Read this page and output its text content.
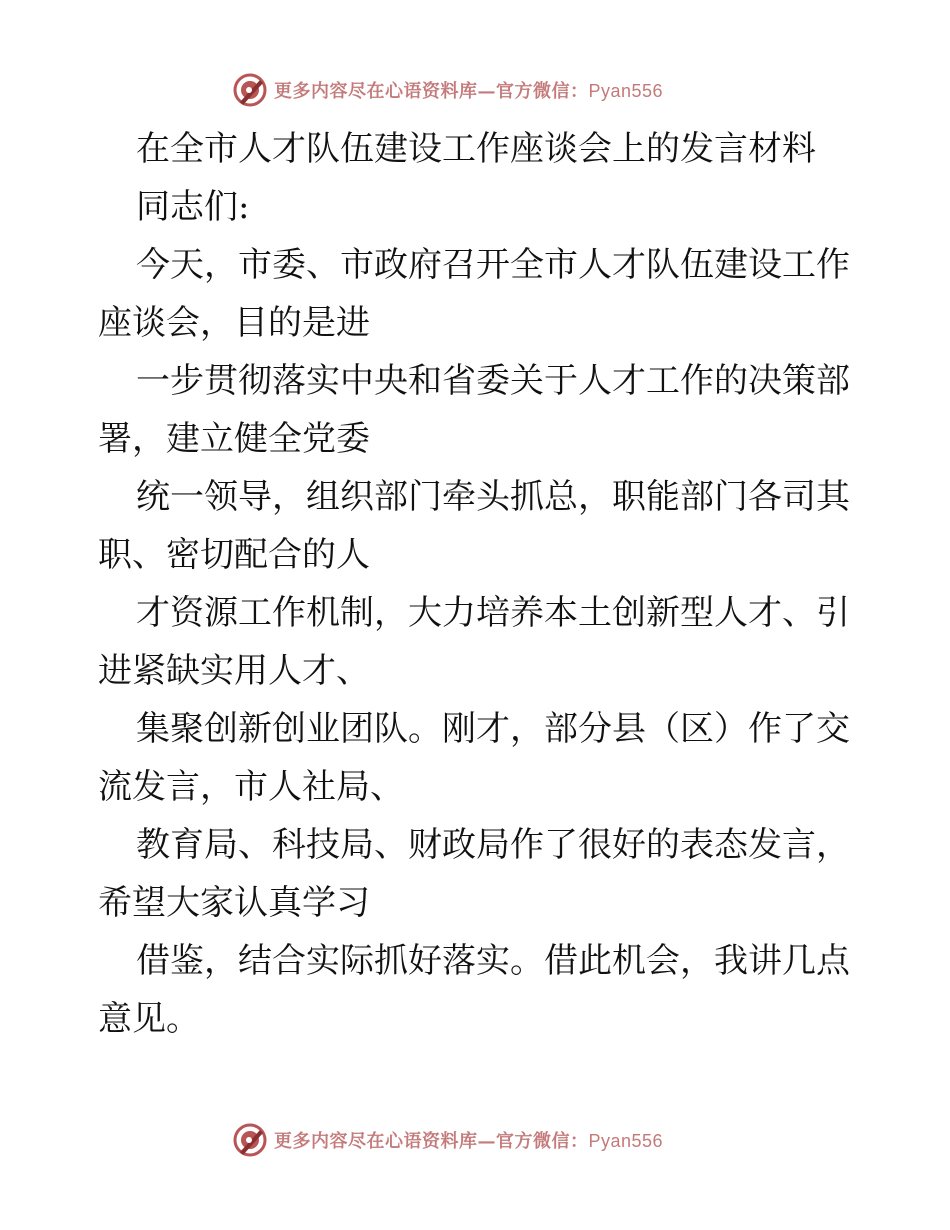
更多内容尽在心语资料库—官方微信：Pyan556

在全市人才队伍建设工作座谈会上的发言材料

同志们:

今天，市委、市政府召开全市人才队伍建设工作

座谈会，目的是进

一步贯彻落实中央和省委关于人才工作的决策部

署，建立健全党委

统一领导，组织部门牵头抓总，职能部门各司其

职、密切配合的人

才资源工作机制，大力培养本土创新型人才、引

进紧缺实用人才、

集聚创新创业团队。刚才，部分县（区）作了交

流发言，市人社局、

教育局、科技局、财政局作了很好的表态发言，

希望大家认真学习

借鉴，结合实际抓好落实。借此机会，我讲几点

意见。

更多内容尽在心语资料库—官方微信：Pyan556
